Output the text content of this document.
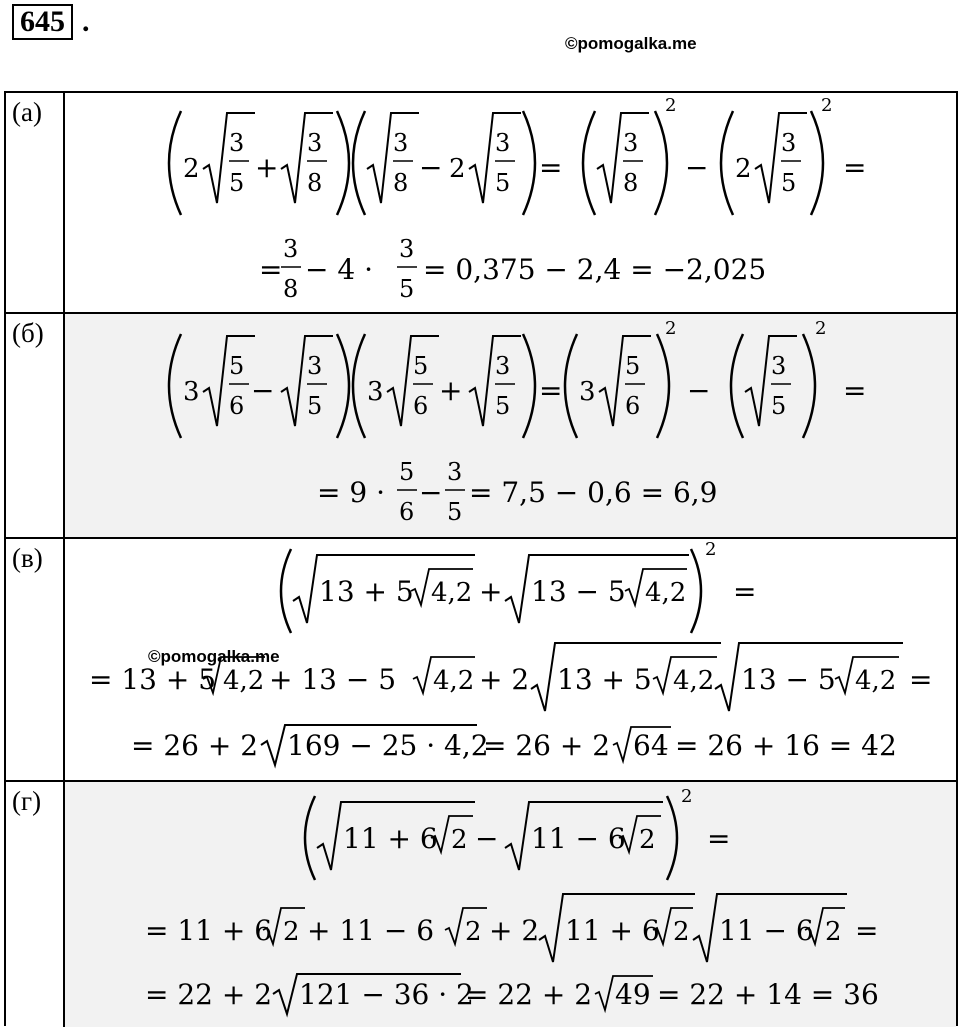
645 .
©pomogalka.me
(а)
2
3
5 +
3
8
3
8 − 2
3
5 =
3
8
2
− 2
3
5
2
=
=
3
8
− 4 ·
3
5
= 0,375 − 2,4 = −2,025
(б)
3
5
6 −
3
5 3
5
6 +
3
5 = 3
5
6
2
−
3
5
2
=
= 9 ·
5
6
−
3
5
= 7,5 − 0,6 = 6,9
(в)
©pomogalka.me
13 + 5 4,2 + 13 − 5 4,2
2
=
= 13 + 5 4,2 + 13 − 5 4,2 + 2 13 + 5 4,2 13 − 5 4,2 =
= 26 + 2 169 − 25 · 4,2
= 26 + 2 64 = 26 + 16 = 42
(г)
11 + 6 2 − 11 − 6 2
2
=
= 11 + 6 2 + 11 − 6 2 + 2 11 + 6 2 11 − 6 2 =
= 22 + 2 121 − 36 · 2
= 22 + 2 49 = 22 + 14 = 36
